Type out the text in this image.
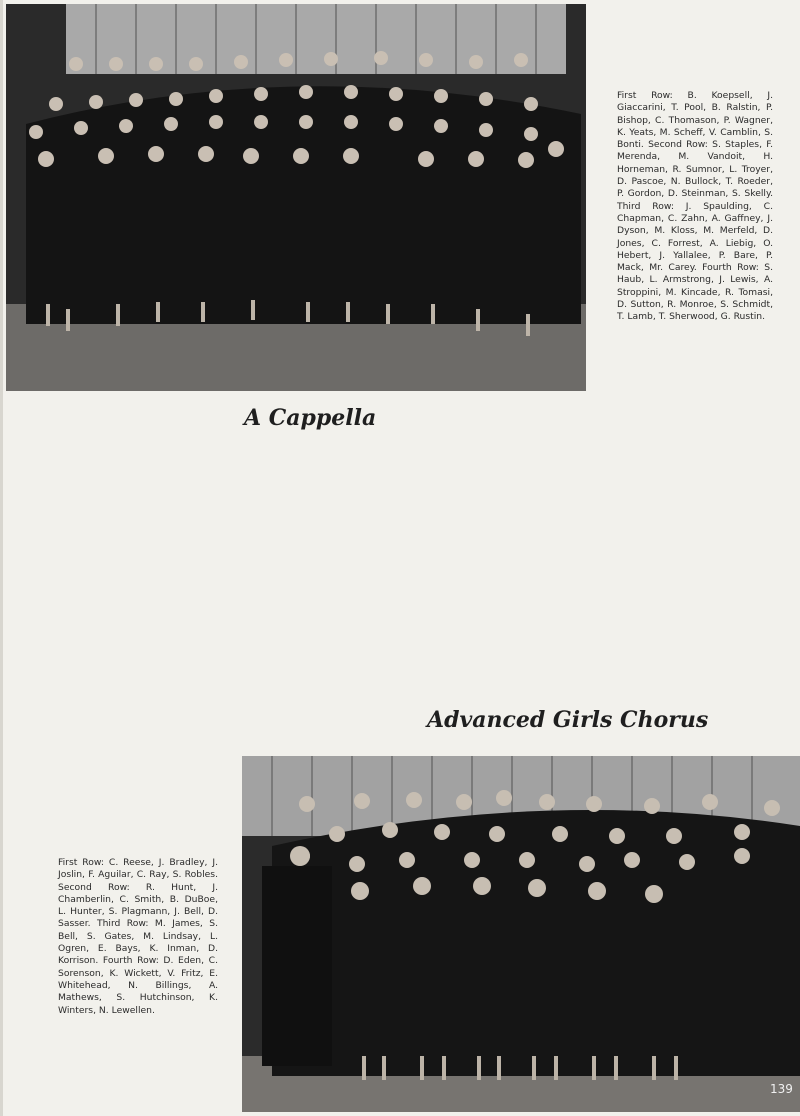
First Row: B. Koepsell, J. Giaccarini, T. Pool, B. Ralstin, P. Bishop, C. Thomason, P. Wagner, K. Yeats, M. Scheff, V. Camblin, S. Bonti. Second Row: S. Staples, F. Merenda, M. Vandoit, H. Horneman, R. Sumnor, L. Troyer, D. Pascoe, N. Bullock, T. Roeder, P. Gordon, D. Steinman, S. Skelly. Third Row: J. Spaulding, C. Chapman, C. Zahn, A. Gaffney, J. Dyson, M. Kloss, M. Merfeld, D. Jones, C. Forrest, A. Liebig, O. Hebert, J. Yallalee, P. Bare, P. Mack, Mr. Carey. Fourth Row: S. Haub, L. Armstrong, J. Lewis, A. Stroppini, M. Kincade, R. Tomasi, D. Sutton, R. Monroe, S. Schmidt, T. Lamb, T. Sherwood, G. Rustin.
A Cappella
Advanced Girls Chorus
First Row: C. Reese, J. Bradley, J. Joslin, F. Aguilar, C. Ray, S. Robles. Second Row: R. Hunt, J. Chamberlin, C. Smith, B. DuBoe, L. Hunter, S. Plagmann, J. Bell, D. Sasser. Third Row: M. James, S. Bell, S. Gates, M. Lindsay, L. Ogren, E. Bays, K. Inman, D. Korrison. Fourth Row: D. Eden, C. Sorenson, K. Wickett, V. Fritz, E. Whitehead, N. Billings, A. Mathews, S. Hutchinson, K. Winters, N. Lewellen.
139
